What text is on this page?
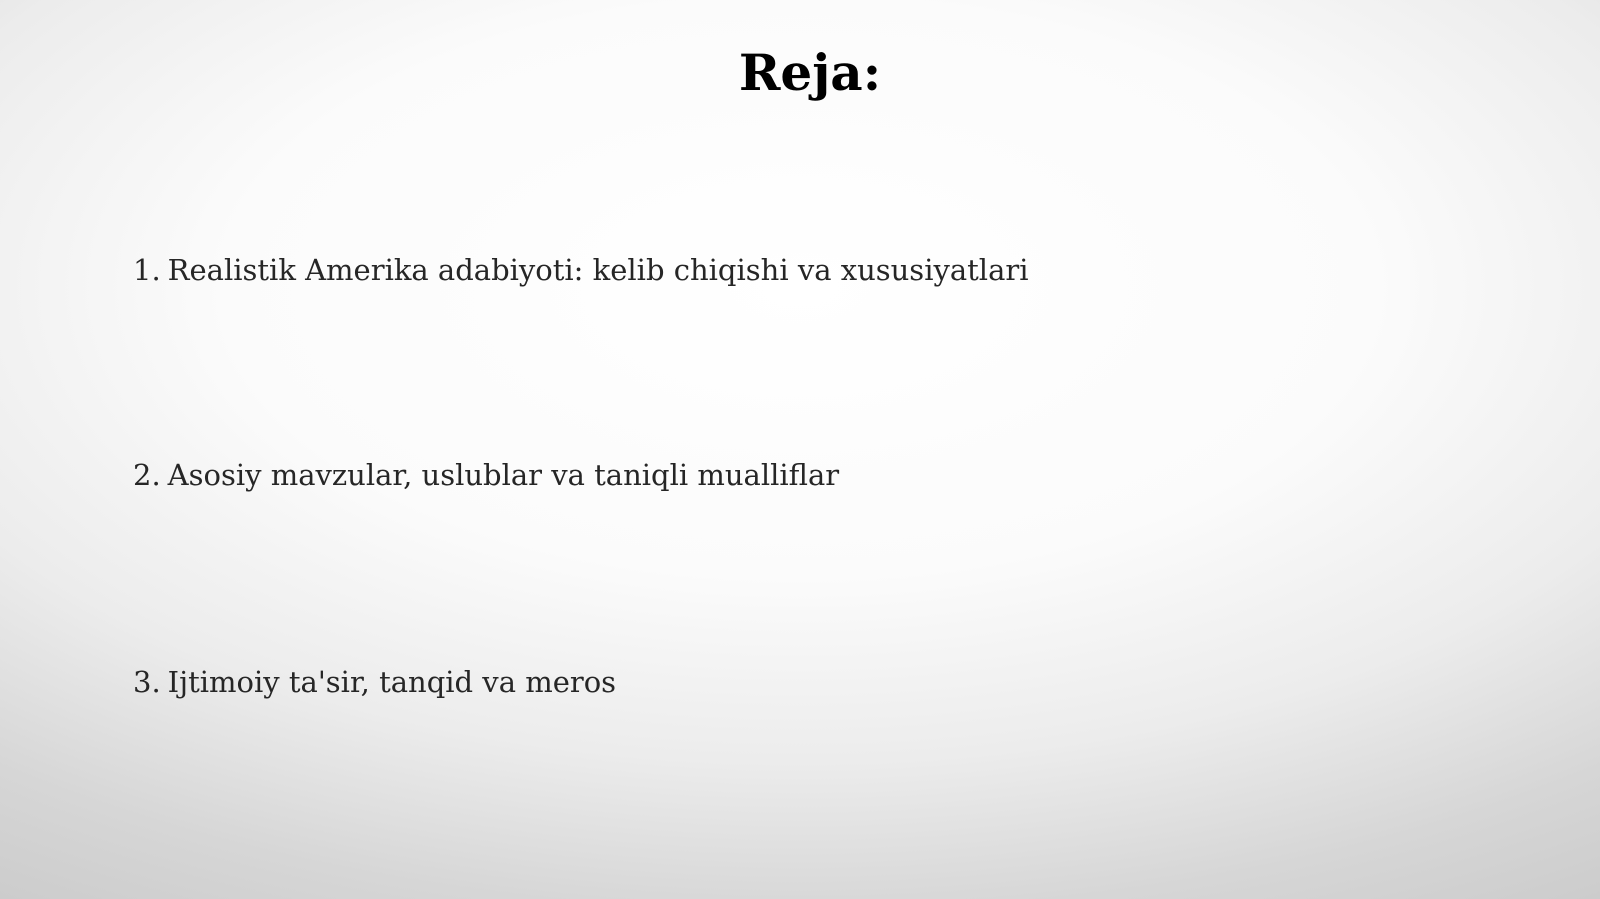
Reja:
1. Realistik Amerika adabiyoti: kelib chiqishi va xususiyatlari
2. Asosiy mavzular, uslublar va taniqli mualliflar
3. Ijtimoiy ta'sir, tanqid va meros
